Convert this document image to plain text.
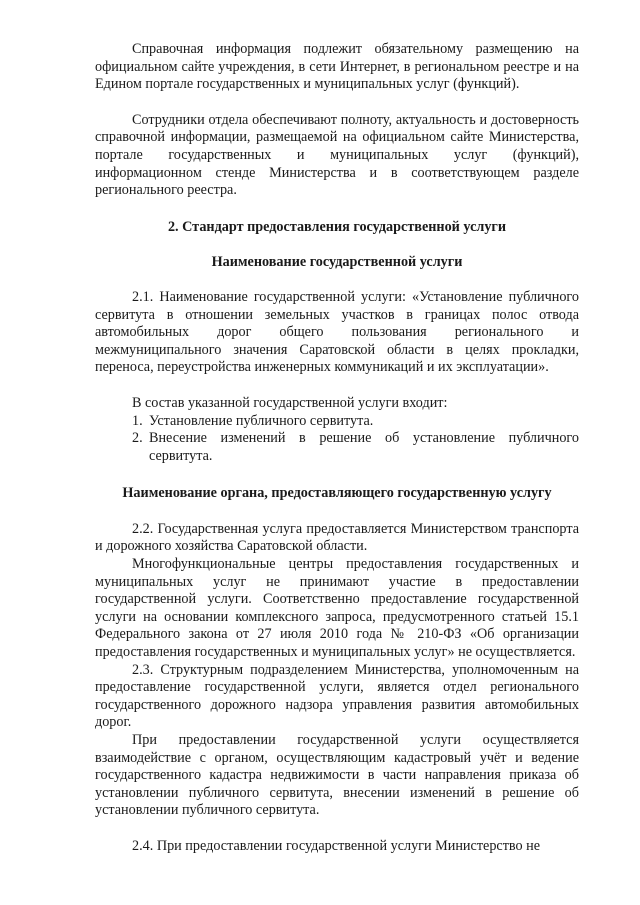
Справочная информация подлежит обязательному размещению на официальном сайте учреждения, в сети Интернет, в региональном реестре и на Едином портале государственных и муниципальных услуг (функций).

Сотрудники отдела обеспечивают полноту, актуальность и достоверность справочной информации, размещаемой на официальном сайте Министерства, портале государственных и муниципальных услуг (функций), информационном стенде Министерства и в соответствующем разделе регионального реестра.

2. Стандарт предоставления государственной услуги

Наименование государственной услуги

2.1. Наименование государственной услуги: «Установление публичного сервитута в отношении земельных участков в границах полос отвода автомобильных дорог общего пользования регионального и межмуниципального значения Саратовской области в целях прокладки, переноса, переустройства инженерных коммуникаций и их эксплуатации».

В состав указанной государственной услуги входит:

1. Установление публичного сервитута.
2. Внесение изменений в решение об установление публичного сервитута.

Наименование органа, предоставляющего государственную услугу

2.2. Государственная услуга предоставляется Министерством транспорта и дорожного хозяйства Саратовской области.

Многофункциональные центры предоставления государственных и муниципальных услуг не принимают участие в предоставлении государственной услуги. Соответственно предоставление государственной услуги на основании комплексного запроса, предусмотренного статьей 15.1 Федерального закона от 27 июля 2010 года № 210-ФЗ «Об организации предоставления государственных и муниципальных услуг» не осуществляется.

2.3. Структурным подразделением Министерства, уполномоченным на предоставление государственной услуги, является отдел регионального государственного дорожного надзора управления развития автомобильных дорог.

При предоставлении государственной услуги осуществляется взаимодействие с органом, осуществляющим кадастровый учёт и ведение государственного кадастра недвижимости в части направления приказа об установлении публичного сервитута, внесении изменений в решение об установлении публичного сервитута.

2.4. При предоставлении государственной услуги Министерство не
